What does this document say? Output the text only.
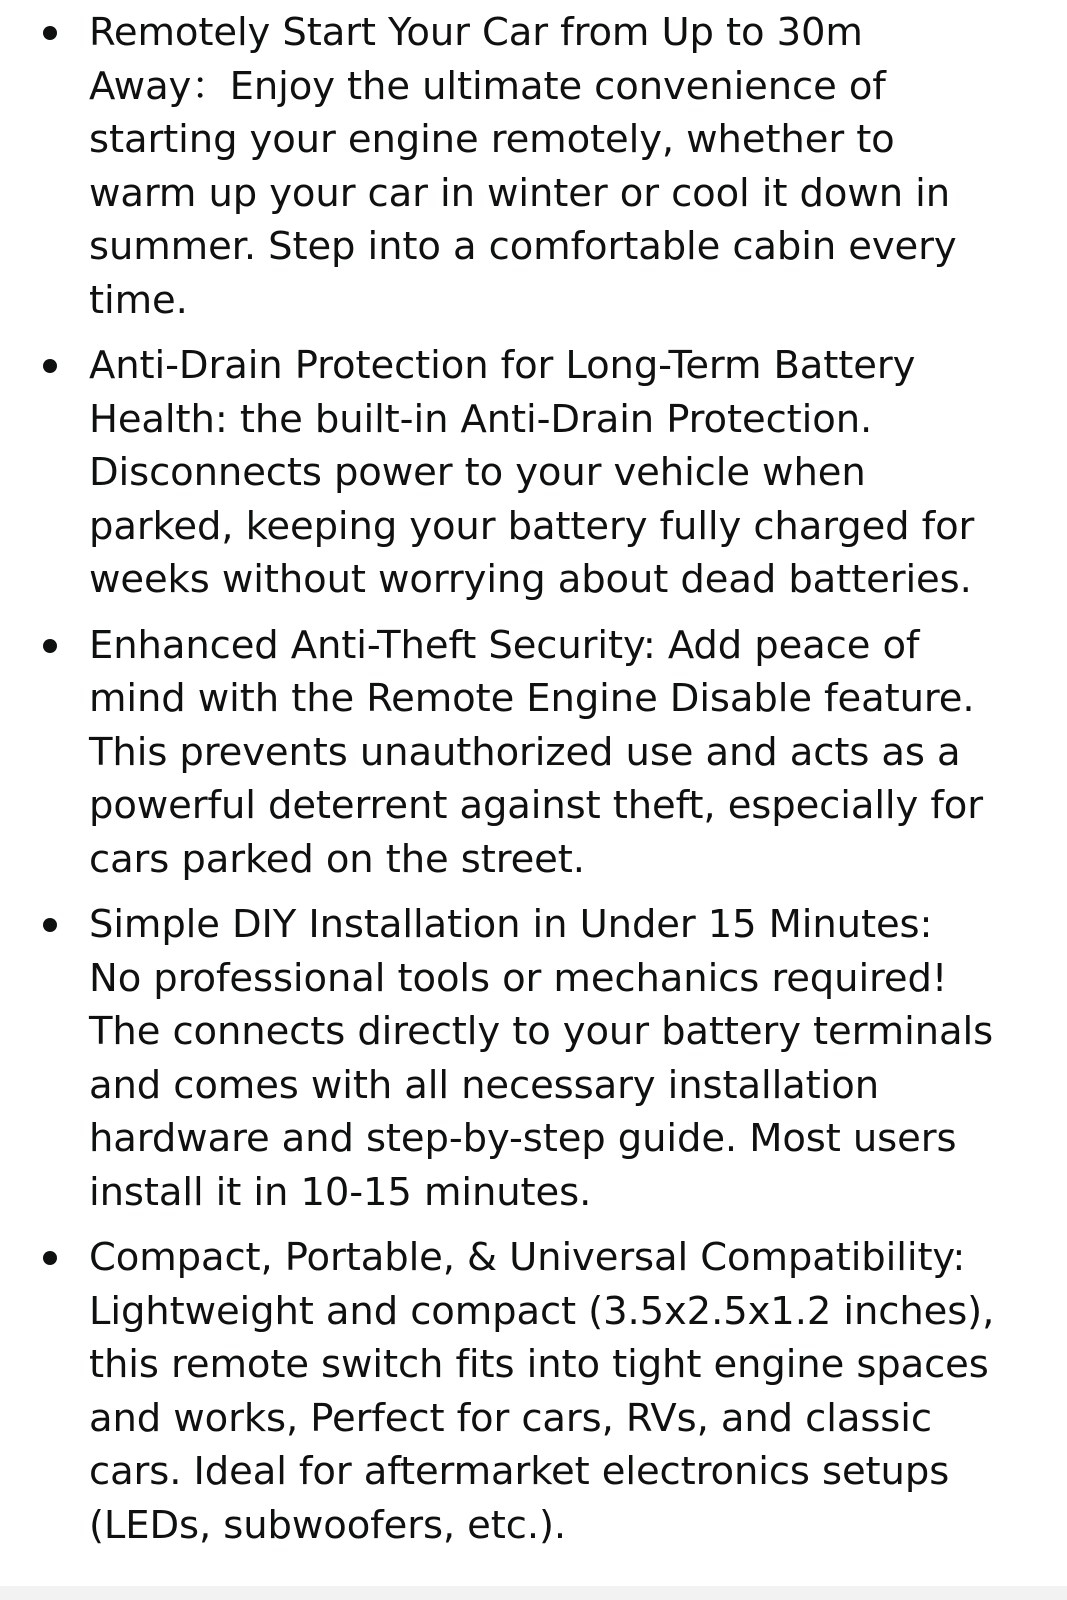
Remotely Start Your Car from Up to 30m
Away：Enjoy the ultimate convenience of
starting your engine remotely, whether to
warm up your car in winter or cool it down in
summer. Step into a comfortable cabin every
time.
Anti-Drain Protection for Long-Term Battery
Health: the built-in Anti-Drain Protection.
Disconnects power to your vehicle when
parked, keeping your battery fully charged for
weeks without worrying about dead batteries.
Enhanced Anti-Theft Security: Add peace of
mind with the Remote Engine Disable feature.
This prevents unauthorized use and acts as a
powerful deterrent against theft, especially for
cars parked on the street.
Simple DIY Installation in Under 15 Minutes:
No professional tools or mechanics required!
The connects directly to your battery terminals
and comes with all necessary installation
hardware and step-by-step guide. Most users
install it in 10-15 minutes.
Compact, Portable, & Universal Compatibility:
Lightweight and compact (3.5x2.5x1.2 inches),
this remote switch fits into tight engine spaces
and works, Perfect for cars, RVs, and classic
cars. Ideal for aftermarket electronics setups
(LEDs, subwoofers, etc.).
